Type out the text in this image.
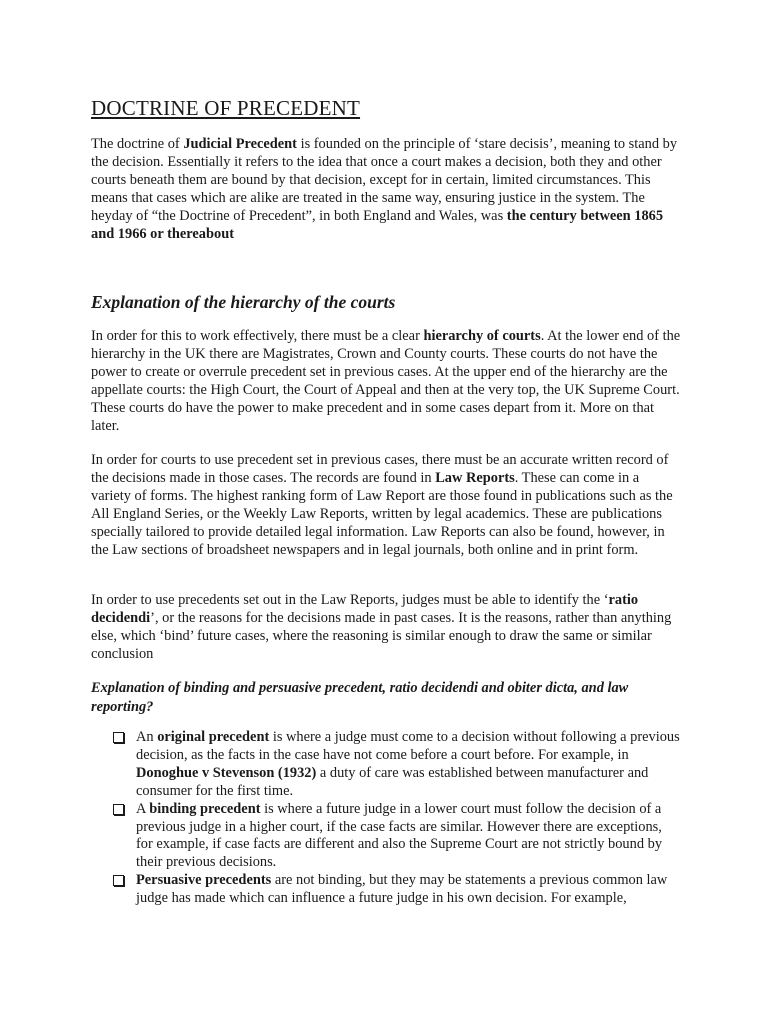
DOCTRINE OF PRECEDENT

The doctrine of Judicial Precedent is founded on the principle of ‘stare decisis’, meaning to stand by the decision. Essentially it refers to the idea that once a court makes a decision, both they and other courts beneath them are bound by that decision, except for in certain, limited circumstances. This means that cases which are alike are treated in the same way, ensuring justice in the system. The heyday of “the Doctrine of Precedent”, in both England and Wales, was the century between 1865 and 1966 or thereabout

Explanation of the hierarchy of the courts

In order for this to work effectively, there must be a clear hierarchy of courts. At the lower end of the hierarchy in the UK there are Magistrates, Crown and County courts. These courts do not have the power to create or overrule precedent set in previous cases. At the upper end of the hierarchy are the appellate courts: the High Court, the Court of Appeal and then at the very top, the UK Supreme Court. These courts do have the power to make precedent and in some cases depart from it. More on that later.

In order for courts to use precedent set in previous cases, there must be an accurate written record of the decisions made in those cases. The records are found in Law Reports. These can come in a variety of forms. The highest ranking form of Law Report are those found in publications such as the All England Series, or the Weekly Law Reports, written by legal academics. These are publications specially tailored to provide detailed legal information. Law Reports can also be found, however, in the Law sections of broadsheet newspapers and in legal journals, both online and in print form.

In order to use precedents set out in the Law Reports, judges must be able to identify the ‘ratio decidendi’, or the reasons for the decisions made in past cases. It is the reasons, rather than anything else, which ‘bind’ future cases, where the reasoning is similar enough to draw the same or similar conclusion

Explanation of binding and persuasive precedent, ratio decidendi and obiter dicta, and law reporting?
An original precedent is where a judge must come to a decision without following a previous decision, as the facts in the case have not come before a court before. For example, in Donoghue v Stevenson (1932) a duty of care was established between manufacturer and consumer for the first time.
A binding precedent is where a future judge in a lower court must follow the decision of a previous judge in a higher court, if the case facts are similar. However there are exceptions, for example, if case facts are different and also the Supreme Court are not strictly bound by their previous decisions.
Persuasive precedents are not binding, but they may be statements a previous common law judge has made which can influence a future judge in his own decision. For example,
